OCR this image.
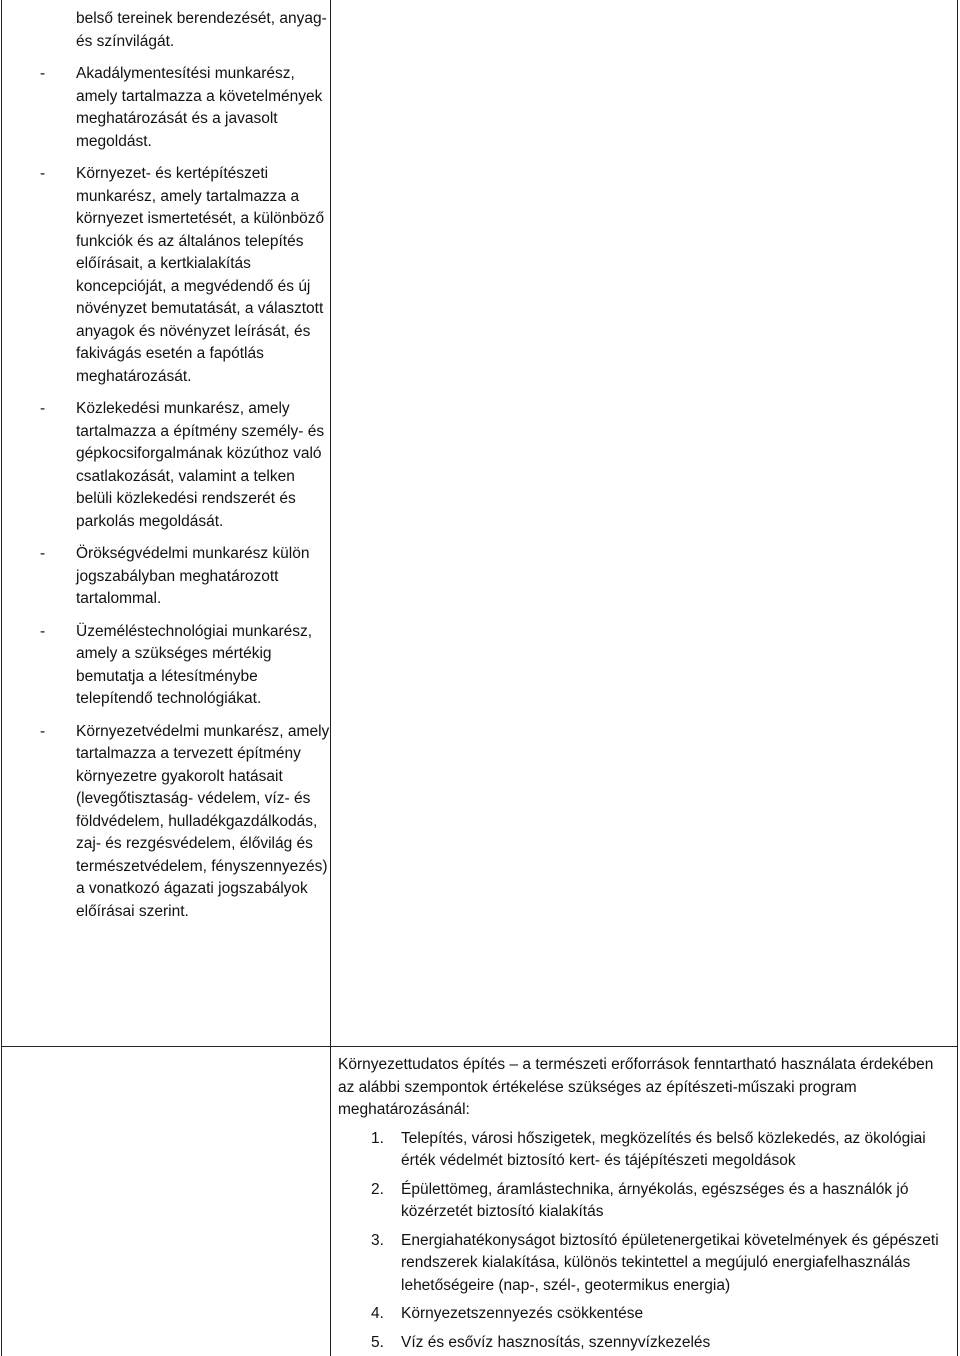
belső tereinek berendezését, anyag- és színvilágát.

- Akadálymentesítési munkarész, amely tartalmazza a követelmények meghatározását és a javasolt megoldást.
- Környezet- és kertépítészeti munkarész, amely tartalmazza a környezet ismertetését, a különböző funkciók és az általános telepítés előírásait, a kertkialakítás koncepcióját, a megvédendő és új növényzet bemutatását, a választott anyagok és növényzet leírását, és fakivágás esetén a fapótlás meghatározását.
- Közlekedési munkarész, amely tartalmazza a építmény személy- és gépkocsiforgalmának közúthoz való csatlakozását, valamint a telken belüli közlekedési rendszerét és parkolás megoldását.
- Örökségvédelmi munkarész külön jogszabályban meghatározott tartalommal.
- Üzeméléstechnológiai munkarész, amely a szükséges mértékig bemutatja a létesítménybe telepítendő technológiákat.
- Környezetvédelmi munkarész, amely tartalmazza a tervezett építmény környezetre gyakorolt hatásait (levegőtisztaság- védelem, víz- és földvédelem, hulladékgazdálkodás, zaj- és rezgésvédelem, élővilág és természetvédelem, fényszennyezés) a vonatkozó ágazati jogszabályok előírásai szerint.

Környezettudatos építés – a természeti erőforrások fenntartható használata érdekében az alábbi szempontok értékelése szükséges az építészeti-műszaki program meghatározásánál:

1. Telepítés, városi hőszigetek, megközelítés és belső közlekedés, az ökológiai érték védelmét biztosító kert- és tájépítészeti megoldások
2. Épülettömeg, áramlástechnika, árnyékolás, egészséges és a használók jó közérzetét biztosító kialakítás
3. Energiahatékonyságot biztosító épületenergetikai követelmények és gépészeti rendszerek kialakítása, különös tekintettel a megújuló energiafelhasználás lehetőségeire (nap-, szél-, geotermikus energia)
4. Környezetszennyezés csökkentése
5. Víz és esővíz hasznosítás, szennyvízkezelés
